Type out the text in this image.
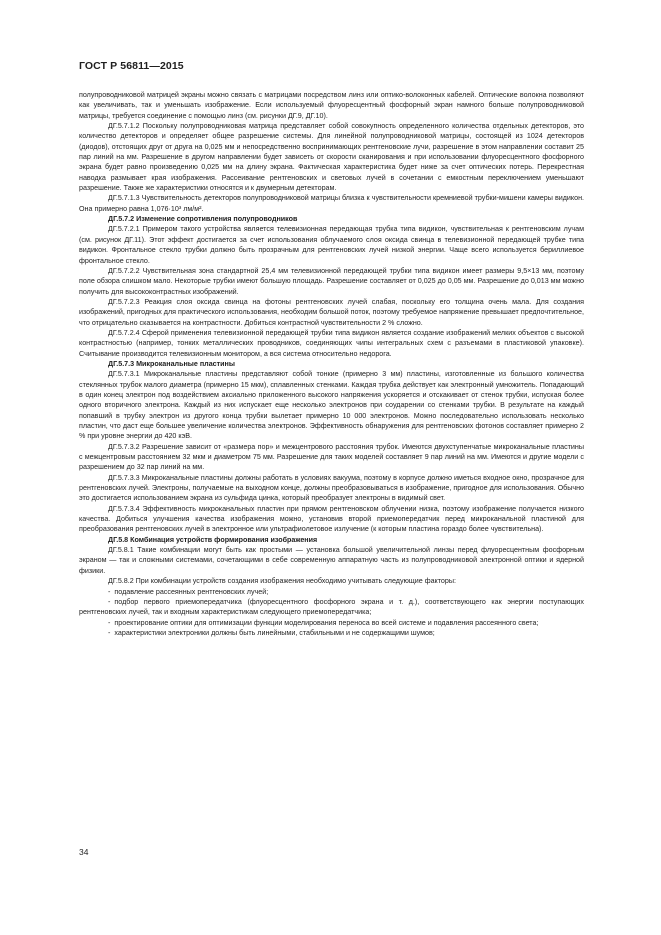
ГОСТ Р 56811—2015

полупроводниковой матрицей экраны можно связать с матрицами посредством линз или оптико-волоконных кабелей. Оптические волокна позволяют как увеличивать, так и уменьшать изображение. Если используемый флуоресцентный фосфорный экран намного больше полупроводниковой матрицы, требуется соединение с помощью линз (см. рисунки ДГ.9, ДГ.10).

ДГ.5.7.1.2 Поскольку полупроводниковая матрица представляет собой совокупность определенного количества отдельных детекторов, это количество детекторов и определяет общее разрешение системы. Для линейной полупроводниковой матрицы, состоящей из 1024 детекторов (диодов), отстоящих друг от друга на 0,025 мм и непосредственно воспринимающих рентгеновские лучи, разрешение в этом направлении составит 25 пар линий на мм. Разрешение в другом направлении будет зависеть от скорости сканирования и при использовании флуоресцентного фосфорного экрана будет равно произведению 0,025 мм на длину экрана. Фактическая характеристика будет ниже за счет оптических потерь. Перекрестная наводка размывает края изображения. Рассеивание рентгеновских и световых лучей в сочетании с емкостным переключением уменьшают разрешение. Также же характеристики относятся и к двумерным детекторам.

ДГ.5.7.1.3 Чувствительность детекторов полупроводниковой матрицы близка к чувствительности кремниевой трубки-мишени камеры видикон. Она примерно равна 1,076·10³ лм/м².

ДГ.5.7.2 Изменение сопротивления полупроводников

ДГ.5.7.2.1 Примером такого устройства является телевизионная передающая трубка типа видикон, чувствительная к рентгеновским лучам (см. рисунок ДГ.11). Этот эффект достигается за счет использования облучаемого слоя оксида свинца в телевизионной передающей трубке типа видикон. Фронтальное стекло трубки должно быть прозрачным для рентгеновских лучей низкой энергии. Чаще всего используется бериллиевое фронтальное стекло.

ДГ.5.7.2.2 Чувствительная зона стандартной 25,4 мм телевизионной передающей трубки типа видикон имеет размеры 9,5×13 мм, поэтому поле обзора слишком мало. Некоторые трубки имеют большую площадь. Разрешение составляет от 0,025 до 0,05 мм. Разрешение до 0,013 мм можно получить для высококонтрастных изображений.

ДГ.5.7.2.3 Реакция слоя оксида свинца на фотоны рентгеновских лучей слабая, поскольку его толщина очень мала. Для создания изображений, пригодных для практического использования, необходим большой поток, поэтому требуемое напряжение превышает предпочтительное, что отрицательно сказывается на контрастности. Добиться контрастной чувствительности 2 % сложно.

ДГ.5.7.2.4 Сферой применения телевизионной передающей трубки типа видикон является создание изображений мелких объектов с высокой контрастностью (например, тонких металлических проводников, соединяющих чипы интегральных схем с разъемами в пластиковой упаковке). Считывание производится телевизионным монитором, а вся система относительно недорога.

ДГ.5.7.3 Микроканальные пластины

ДГ.5.7.3.1 Микроканальные пластины представляют собой тонкие (примерно 3 мм) пластины, изготовленные из большого количества стеклянных трубок малого диаметра (примерно 15 мкм), сплавленных стенками. Каждая трубка действует как электронный умножитель. Попадающий в один конец электрон под воздействием аксиально приложенного высокого напряжения ускоряется и отскакивает от стенок трубки, испуская более одного вторичного электрона. Каждый из них испускает еще несколько электронов при соударении со стенками трубки. В результате на каждый попавший в трубку электрон из другого конца трубки вылетает примерно 10 000 электронов. Можно последовательно использовать несколько пластин, что даст еще большее увеличение количества электронов. Эффективность обнаружения для рентгеновских фотонов составляет примерно 2 % при уровне энергии до 420 кэВ.

ДГ.5.7.3.2 Разрешение зависит от «размера пор» и межцентрового расстояния трубок. Имеются двухступенчатые микроканальные пластины с межцентровым расстоянием 32 мкм и диаметром 75 мм. Разрешение для таких моделей составляет 9 пар линий на мм. Имеются и другие модели с разрешением до 32 пар линий на мм.

ДГ.5.7.3.3 Микроканальные пластины должны работать в условиях вакуума, поэтому в корпусе должно иметься входное окно, прозрачное для рентгеновских лучей. Электроны, получаемые на выходном конце, должны преобразовываться в изображение, пригодное для использования. Обычно это достигается использованием экрана из сульфида цинка, который преобразует электроны в видимый свет.

ДГ.5.7.3.4 Эффективность микроканальных пластин при прямом рентгеновском облучении низка, поэтому изображение получается низкого качества. Добиться улучшения качества изображения можно, установив второй приемопередатчик перед микроканальной пластиной для преобразования рентгеновских лучей в электронное или ультрафиолетовое излучение (к которым пластина гораздо более чувствительна).

ДГ.5.8 Комбинация устройств формирования изображения

ДГ.5.8.1 Такие комбинации могут быть как простыми — установка большой увеличительной линзы перед флуоресцентным фосфорным экраном — так и сложными системами, сочетающими в себе современную аппаратную часть из полупроводниковой электронной оптики и ядерной физики.

ДГ.5.8.2 При комбинации устройств создания изображения необходимо учитывать следующие факторы:

- подавление рассеянных рентгеновских лучей;

- подбор первого приемопередатчика (флуоресцентного фосфорного экрана и т. д.), соответствующего как энергии поступающих рентгеновских лучей, так и входным характеристикам следующего приемопередатчика;

- проектирование оптики для оптимизации функции моделирования переноса во всей системе и подавления рассеянного света;

- характеристики электроники должны быть линейными, стабильными и не содержащими шумов;

34
